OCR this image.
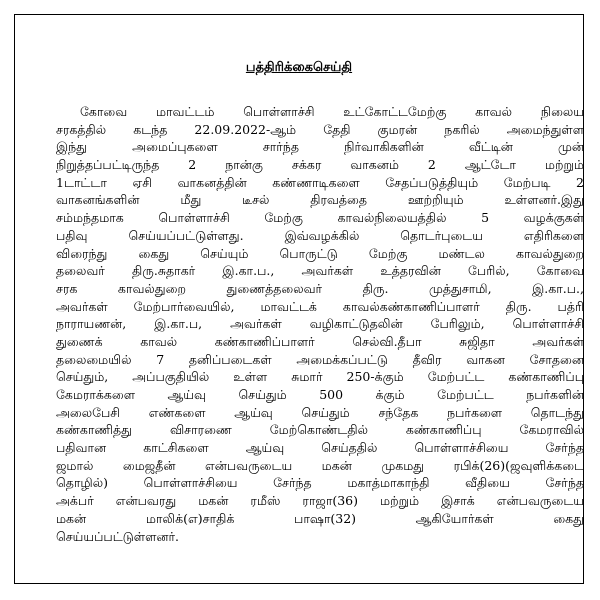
பத்திரிக்கைசெய்தி
கோவை மாவட்டம் பொள்ளாச்சி உட்கோட்டமேற்கு காவல் நிலைய
சரகத்தில் கடந்த 22.09.2022-ஆம் தேதி குமரன் நகரில் அமைந்துள்ள
இந்து அமைப்புகளை சார்ந்த நிர்வாகிகளின் வீட்டின் முன்
நிறுத்தப்பட்டிருந்த 2 நான்கு சக்கர வாகனம் 2 ஆட்டோ மற்றும்
1டாட்டா ஏசி வாகனத்தின் கண்ணாடிகளை சேதப்படுத்தியும் மேற்படி 2
வாகனங்களின் மீது டீசல் திரவத்தை ஊற்றியும் உள்ளனர்.இது
சம்மந்தமாக பொள்ளாச்சி மேற்கு காவல்நிலையத்தில் 5 வழக்குகள்
பதிவு செய்யப்பட்டுள்ளது. இவ்வழக்கில் தொடர்புடைய எதிரிகளை
விரைந்து கைது செய்யும் பொருட்டு மேற்கு மண்டல காவல்துறை
தலைவர் திரு.சுதாகர் இ.கா.ப., அவர்கள் உத்தரவின் பேரில், கோவை
சரக காவல்துறை துணைத்தலைவர் திரு. முத்துசாமி, இ.கா.ப.,
அவர்கள் மேற்பார்வையில், மாவட்டக் காவல்கண்காணிப்பாளர் திரு. பத்ரி
நாராயணன், இ.கா.ப, அவர்கள் வழிகாட்டுதலின் பேரிலும், பொள்ளாச்சி
துணைக் காவல் கண்காணிப்பாளர் செல்வி.தீபா சுஜிதா அவர்கள்
தலைமையில் 7 தனிப்படைகள் அமைக்கப்பட்டு தீவிர வாகன சோதனை
செய்தும், அப்பகுதியில் உள்ள சுமார் 250-க்கும் மேற்பட்ட கண்காணிப்பு
கேமராக்களை ஆய்வு செய்தும் 500 க்கும் மேற்பட்ட நபர்களின்
அலைபேசி எண்களை ஆய்வு செய்தும் சந்தேக நபர்களை தொடந்து
கண்காணித்து விசாரணை மேற்கொண்டதில் கண்காணிப்பு கேமராவில்
பதிவான காட்சிகளை ஆய்வு செய்ததில் பொள்ளாச்சியை சேர்ந்த
ஜமால் மைஜதீன் என்பவருடைய மகன் முகமது ரபிக்(26)(ஜவுளிக்கடை
தொழில்) பொள்ளாச்சியை சேர்ந்த மகாத்மாகாந்தி வீதியை சேர்ந்த
அக்பர் என்பவரது மகன் ரமீஸ் ராஜா(36) மற்றும் இசாக் என்பவருடைய
மகன் மாலிக்(எ)சாதிக் பாஷா(32) ஆகியோர்கள் கைது
செய்யப்பட்டுள்ளனர்.
